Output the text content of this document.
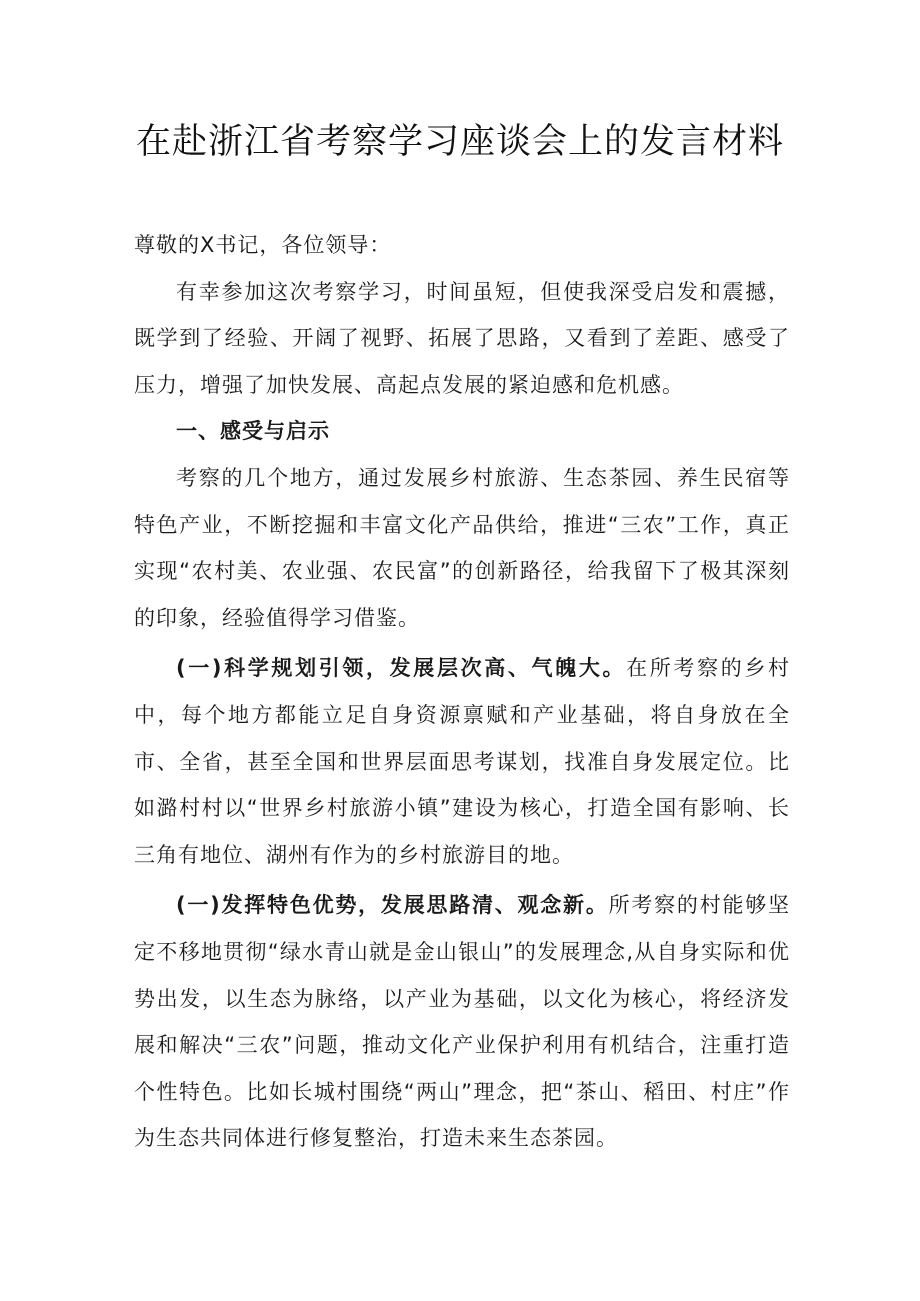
在赴浙江省考察学习座谈会上的发言材料

尊敬的X书记，各位领导：

有幸参加这次考察学习，时间虽短，但使我深受启发和震撼，既学到了经验、开阔了视野、拓展了思路，又看到了差距、感受了压力，增强了加快发展、高起点发展的紧迫感和危机感。

一、感受与启示

考察的几个地方，通过发展乡村旅游、生态茶园、养生民宿等特色产业，不断挖掘和丰富文化产品供给，推进“三农”工作，真正实现“农村美、农业强、农民富”的创新路径，给我留下了极其深刻的印象，经验值得学习借鉴。

(一)科学规划引领，发展层次高、气魄大。在所考察的乡村中，每个地方都能立足自身资源禀赋和产业基础，将自身放在全市、全省，甚至全国和世界层面思考谋划，找准自身发展定位。比如潞村村以“世界乡村旅游小镇”建设为核心，打造全国有影响、长三角有地位、湖州有作为的乡村旅游目的地。

(一)发挥特色优势，发展思路清、观念新。所考察的村能够坚定不移地贯彻“绿水青山就是金山银山”的发展理念,从自身实际和优势出发，以生态为脉络，以产业为基础，以文化为核心，将经济发展和解决“三农”问题，推动文化产业保护利用有机结合，注重打造个性特色。比如长城村围绕“两山”理念，把“茶山、稻田、村庄”作为生态共同体进行修复整治，打造未来生态茶园。
